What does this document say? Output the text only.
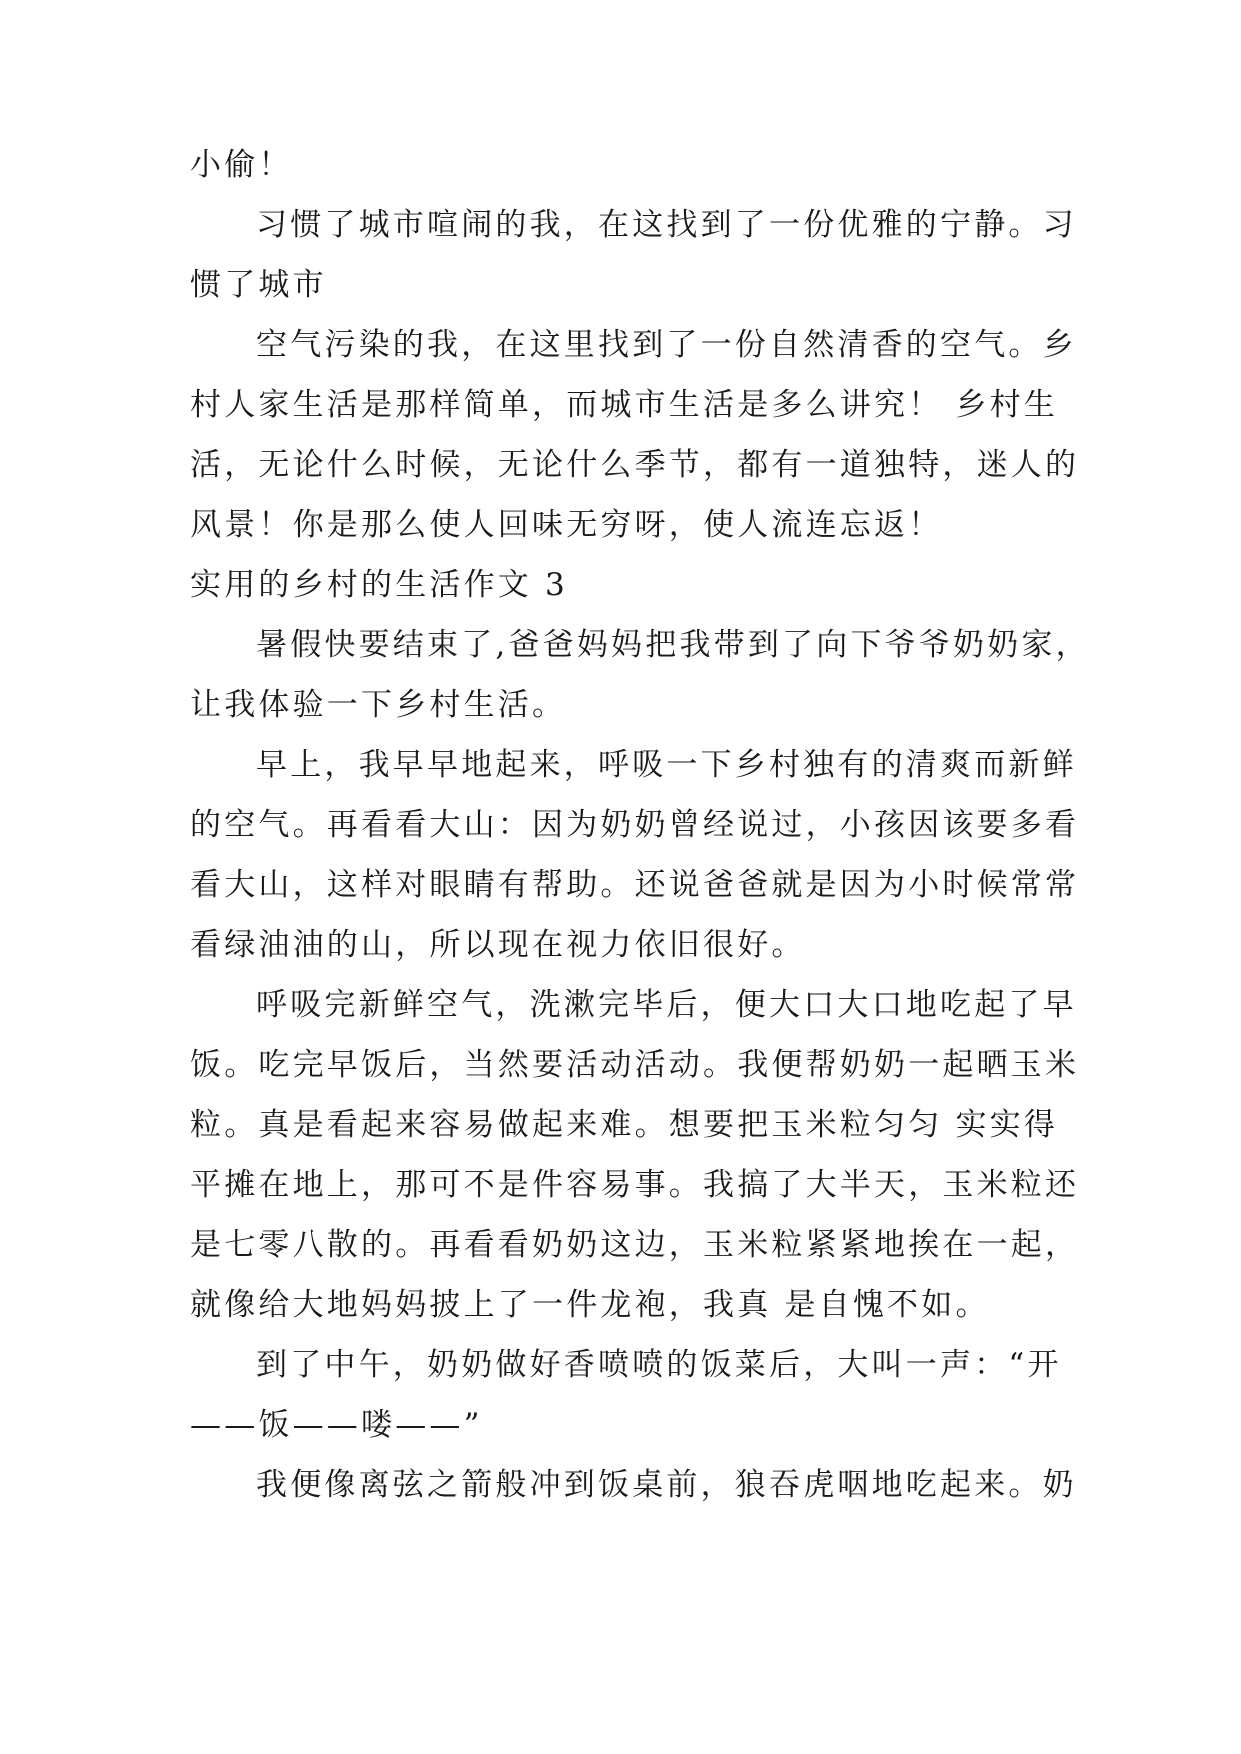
小偷！
习惯了城市喧闹的我，在这找到了一份优雅的宁静。习
惯了城市
空气污染的我，在这里找到了一份自然清香的空气。乡
村人家生活是那样简单，而城市生活是多么讲究！ 乡村生
活，无论什么时候，无论什么季节，都有一道独特，迷人的
风景！你是那么使人回味无穷呀，使人流连忘返！
实用的乡村的生活作文 3
暑假快要结束了,爸爸妈妈把我带到了向下爷爷奶奶家，
让我体验一下乡村生活。
早上，我早早地起来，呼吸一下乡村独有的清爽而新鲜
的空气。再看看大山：因为奶奶曾经说过，小孩因该要多看
看大山，这样对眼睛有帮助。还说爸爸就是因为小时候常常
看绿油油的山，所以现在视力依旧很好。
呼吸完新鲜空气，洗漱完毕后，便大口大口地吃起了早
饭。吃完早饭后，当然要活动活动。我便帮奶奶一起晒玉米
粒。真是看起来容易做起来难。想要把玉米粒匀匀 实实得
平摊在地上，那可不是件容易事。我搞了大半天，玉米粒还
是七零八散的。再看看奶奶这边，玉米粒紧紧地挨在一起，
就像给大地妈妈披上了一件龙袍，我真 是自愧不如。
到了中午，奶奶做好香喷喷的饭菜后，大叫一声：“开
——饭——喽——”
我便像离弦之箭般冲到饭桌前，狼吞虎咽地吃起来。奶
